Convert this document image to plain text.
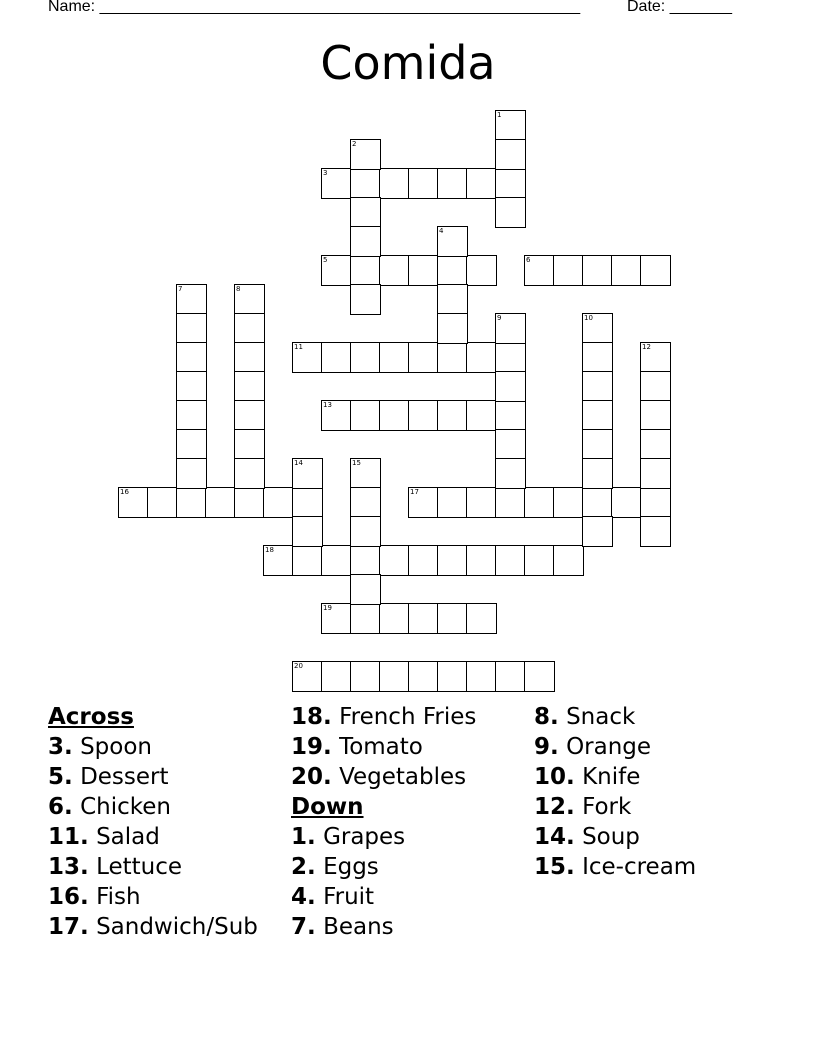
Name: ______________________________________________________	Date: _______
Comida
3
5	6
11
13
16	17
18
19
20
1
2
4
7	8
9	10
12
14	15
Across
3. Spoon
5. Dessert
6. Chicken
11. Salad
13. Lettuce
16. Fish
17. Sandwich/Sub
18. French Fries
19. Tomato
20. Vegetables
Down
1. Grapes
2. Eggs
4. Fruit
7. Beans
8. Snack
9. Orange
10. Knife
12. Fork
14. Soup
15. Ice-cream
